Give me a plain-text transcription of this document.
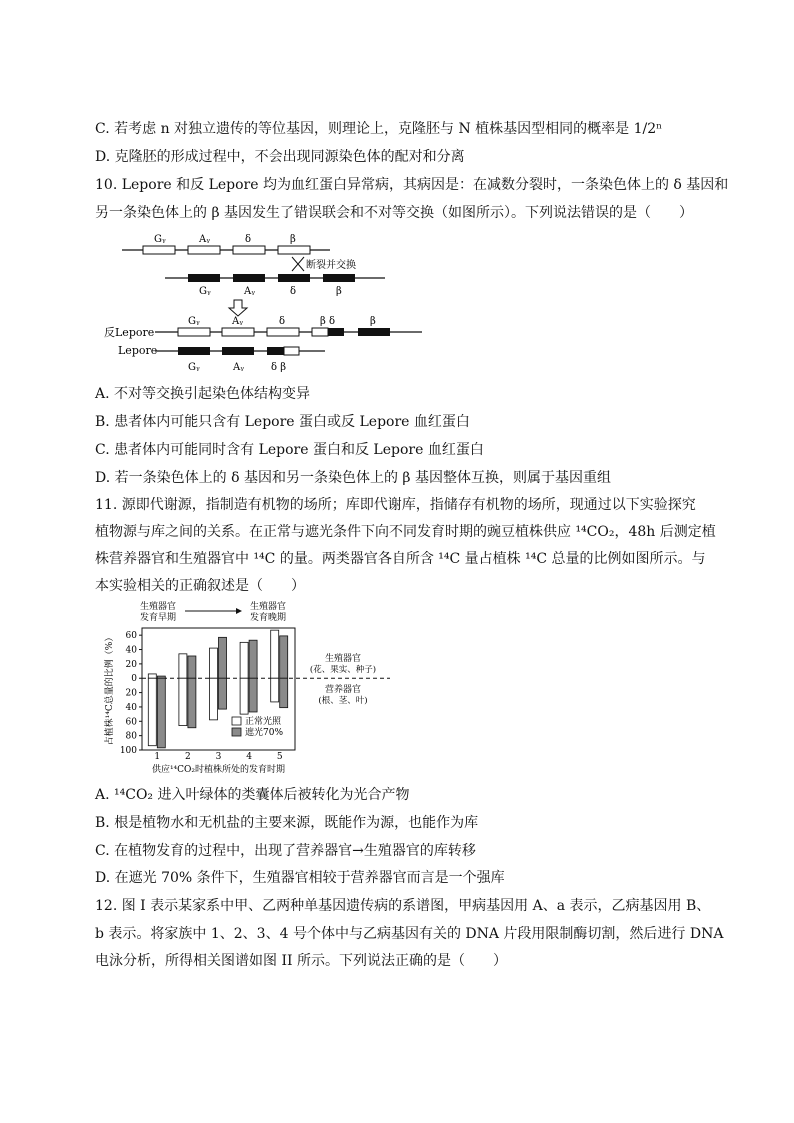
C. 若考虑 n 对独立遗传的等位基因，则理论上，克隆胚与 N 植株基因型相同的概率是 1/2ⁿ
D. 克隆胚的形成过程中，不会出现同源染色体的配对和分离
10. Lepore 和反 Lepore 均为血红蛋白异常病，其病因是：在减数分裂时，一条染色体上的 δ 基因和
另一条染色体上的 β 基因发生了错误联会和不对等交换（如图所示）。下列说法错误的是（　　）
Gᵧ	Aᵧ	δ	β
断裂并交换
Gᵧ	Aᵧ	δ	β
反Lepore
Gᵧ	Aᵧ	δ	β δ	β
Lepore
Gᵧ	Aᵧ	δ β
A. 不对等交换引起染色体结构变异
B. 患者体内可能只含有 Lepore 蛋白或反 Lepore 血红蛋白
C. 患者体内可能同时含有 Lepore 蛋白和反 Lepore 血红蛋白
D. 若一条染色体上的 δ 基因和另一条染色体上的 β 基因整体互换，则属于基因重组
11. 源即代谢源，指制造有机物的场所；库即代谢库，指储存有机物的场所，现通过以下实验探究
植物源与库之间的关系。在正常与遮光条件下向不同发育时期的豌豆植株供应 ¹⁴CO₂，48h 后测定植
株营养器官和生殖器官中 ¹⁴C 的量。两类器官各自所含 ¹⁴C 量占植株 ¹⁴C 总量的比例如图所示。与
本实验相关的正确叙述是（　　）
60
40
20
0
20
40
60
80
100
1	2	3	4	5
生殖器官
发育早期
生殖器官
发育晚期
生殖器官
(花、果实、种子)
营养器官
(根、茎、叶)
正常光照
遮光70%
占植株¹⁴C总量的比例（%）
供应¹⁴CO₂时植株所处的发育时期
A. ¹⁴CO₂ 进入叶绿体的类囊体后被转化为光合产物
B. 根是植物水和无机盐的主要来源，既能作为源，也能作为库
C. 在植物发育的过程中，出现了营养器官→生殖器官的库转移
D. 在遮光 70% 条件下，生殖器官相较于营养器官而言是一个强库
12. 图 I 表示某家系中甲、乙两种单基因遗传病的系谱图，甲病基因用 A、a 表示，乙病基因用 B、
b 表示。将家族中 1、2、3、4 号个体中与乙病基因有关的 DNA 片段用限制酶切割，然后进行 DNA
电泳分析，所得相关图谱如图 II 所示。下列说法正确的是（　　）
